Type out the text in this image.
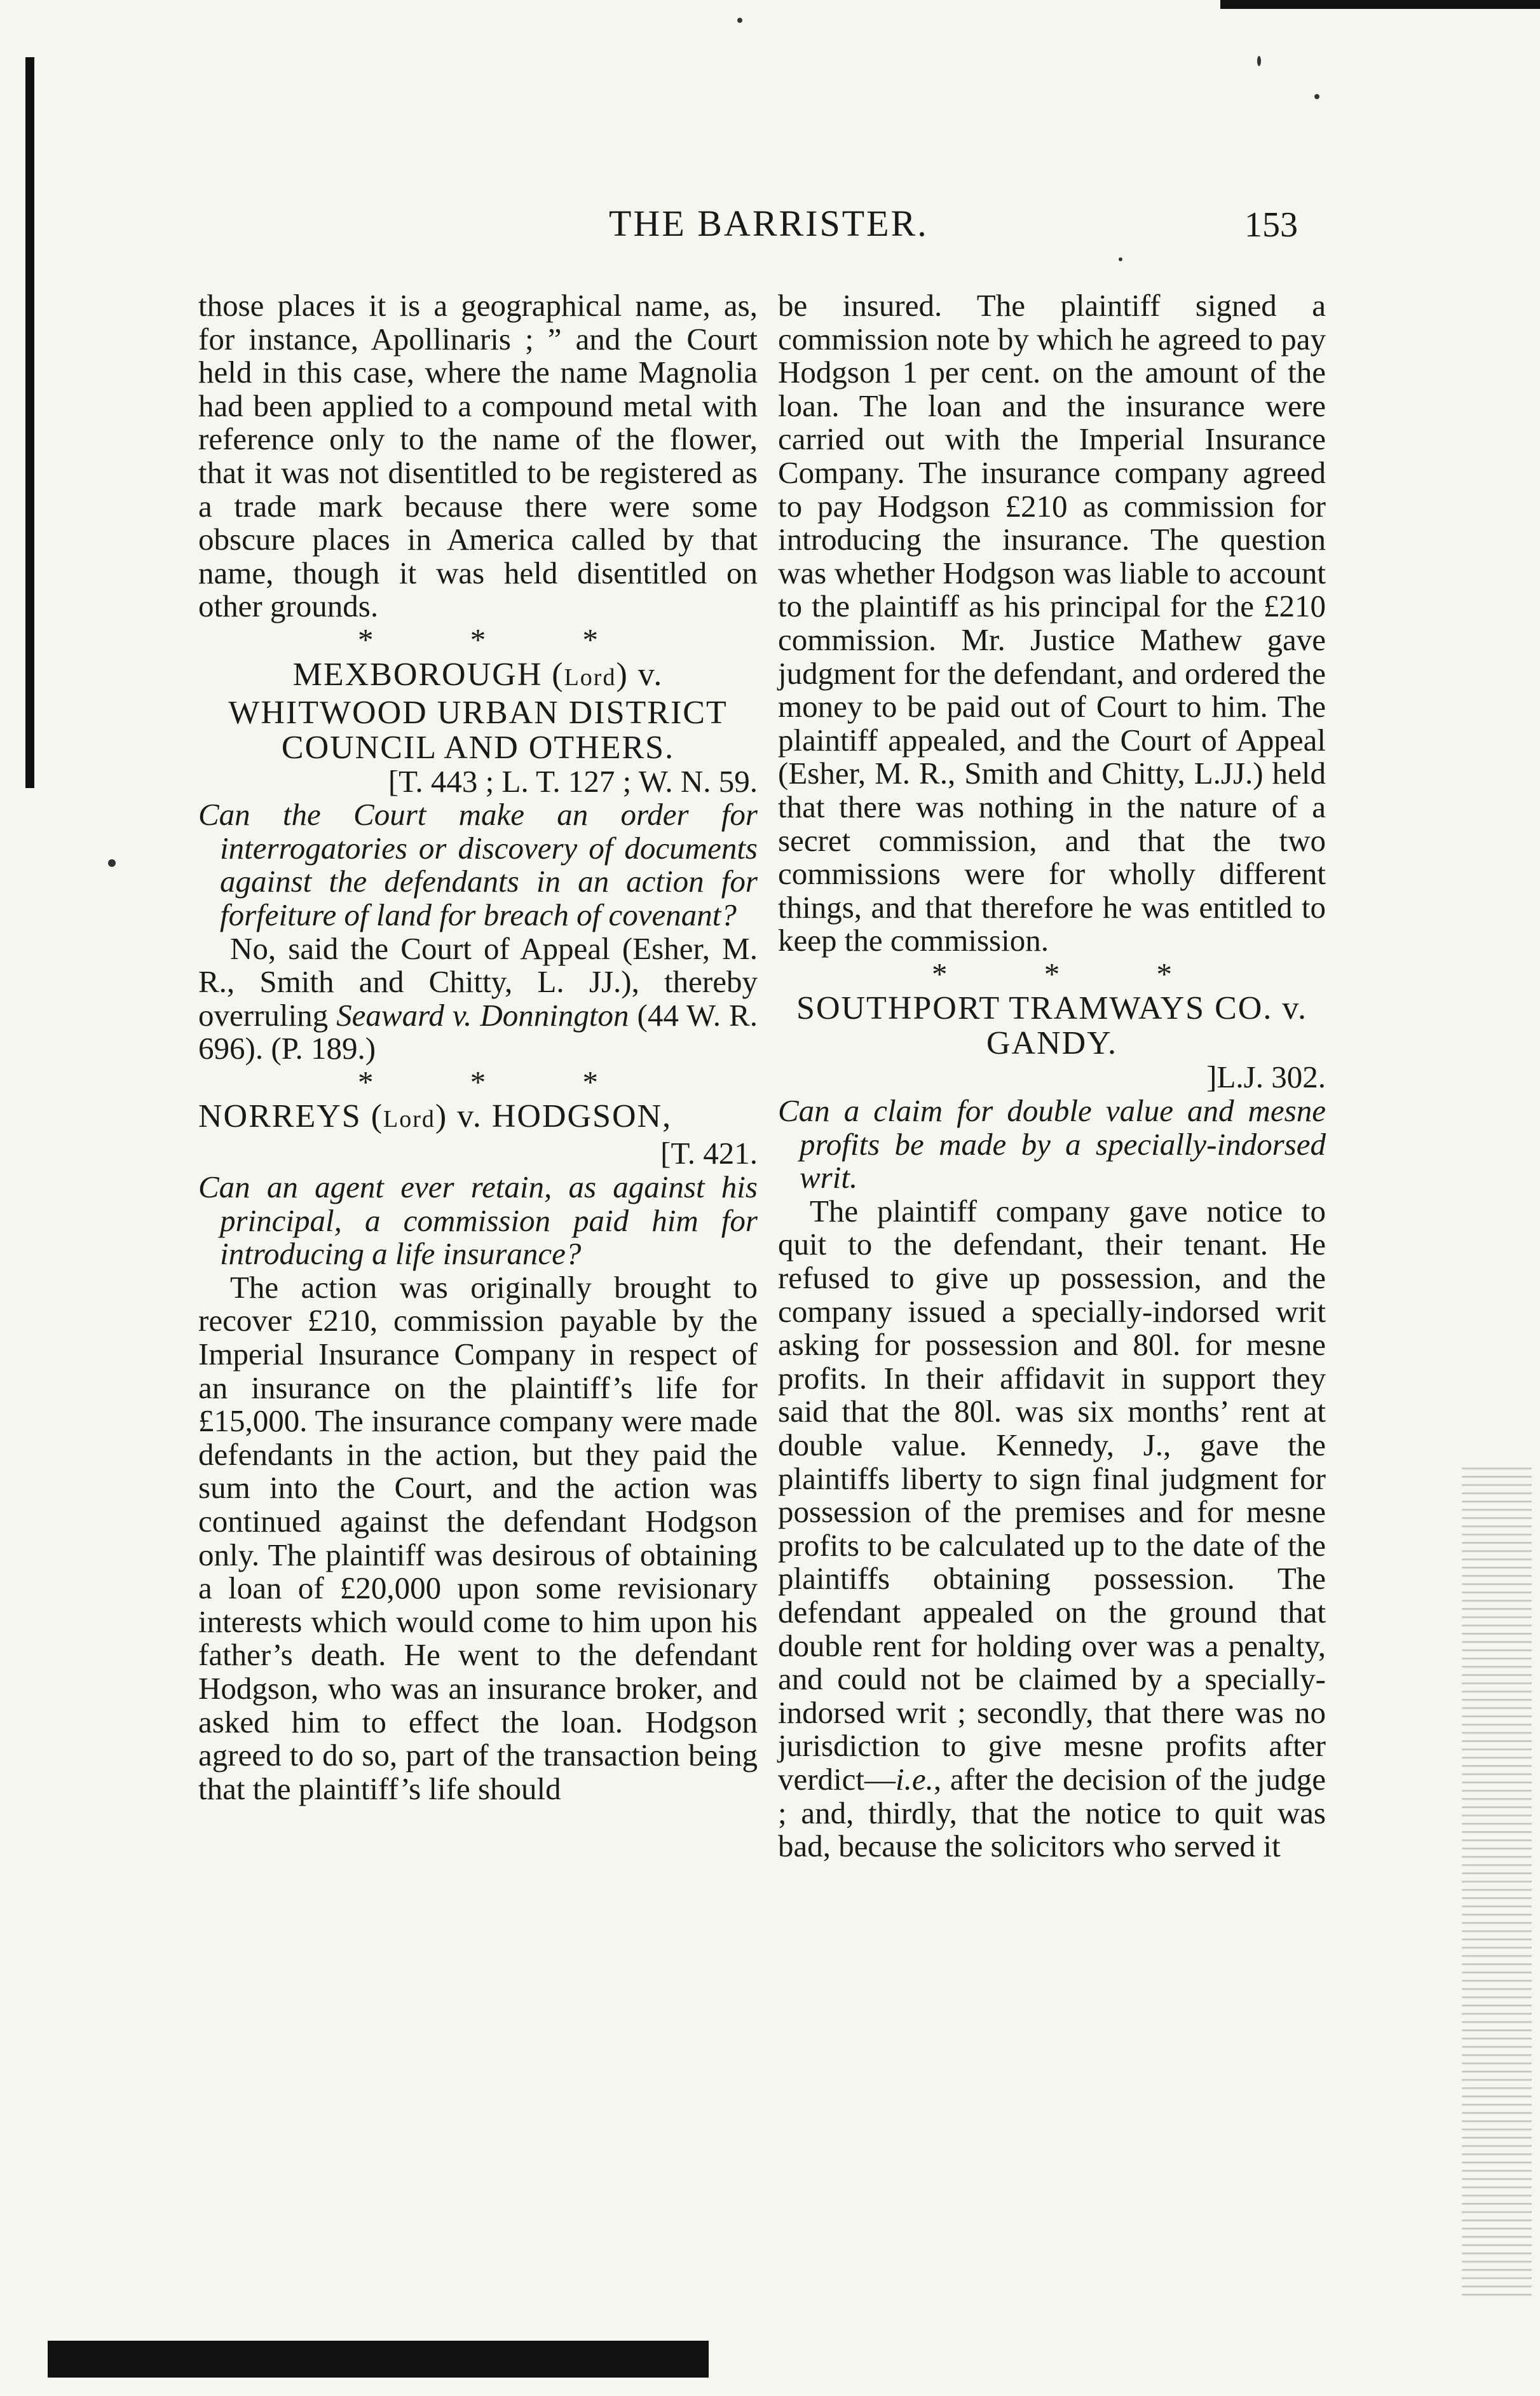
THE BARRISTER.	153

those places it is a geographical name, as, for instance, Apollinaris ; ” and the Court held in this case, where the name Magnolia had been applied to a compound metal with reference only to the name of the flower, that it was not disentitled to be registered as a trade mark because there were some obscure places in America called by that name, though it was held disentitled on other grounds.

* * *

MEXBOROUGH (Lord) v. WHITWOOD URBAN DISTRICT COUNCIL AND OTHERS.

[T. 443 ; L. T. 127 ; W. N. 59.

Can the Court make an order for interrogatories or discovery of documents against the defendants in an action for forfeiture of land for breach of covenant?

No, said the Court of Appeal (Esher, M. R., Smith and Chitty, L. JJ.), thereby overruling Seaward v. Donnington (44 W. R. 696). (P. 189.)

* * *

NORREYS (Lord) v. HODGSON,

[T. 421.

Can an agent ever retain, as against his principal, a commission paid him for introducing a life insurance?

The action was originally brought to recover £210, commission payable by the Imperial Insurance Company in respect of an insurance on the plaintiff’s life for £15,000. The insurance company were made defendants in the action, but they paid the sum into the Court, and the action was continued against the defendant Hodgson only. The plaintiff was desirous of obtaining a loan of £20,000 upon some revisionary interests which would come to him upon his father’s death. He went to the defendant Hodgson, who was an insurance broker, and asked him to effect the loan. Hodgson agreed to do so, part of the transaction being that the plaintiff’s life should

be insured. The plaintiff signed a commission note by which he agreed to pay Hodgson 1 per cent. on the amount of the loan. The loan and the insurance were carried out with the Imperial Insurance Company. The insurance company agreed to pay Hodgson £210 as commission for introducing the insurance. The question was whether Hodgson was liable to account to the plaintiff as his principal for the £210 commission. Mr. Justice Mathew gave judgment for the defendant, and ordered the money to be paid out of Court to him. The plaintiff appealed, and the Court of Appeal (Esher, M. R., Smith and Chitty, L.JJ.) held that there was nothing in the nature of a secret commission, and that the two commissions were for wholly different things, and that therefore he was entitled to keep the commission.

* * *

SOUTHPORT TRAMWAYS CO. v. GANDY.

]L.J. 302.

Can a claim for double value and mesne profits be made by a specially-indorsed writ.

The plaintiff company gave notice to quit to the defendant, their tenant. He refused to give up possession, and the company issued a specially-indorsed writ asking for possession and 80l. for mesne profits. In their affidavit in support they said that the 80l. was six months’ rent at double value. Kennedy, J., gave the plaintiffs liberty to sign final judgment for possession of the premises and for mesne profits to be calculated up to the date of the plaintiffs obtaining possession. The defendant appealed on the ground that double rent for holding over was a penalty, and could not be claimed by a specially-indorsed writ ; secondly, that there was no jurisdiction to give mesne profits after verdict—i.e., after the decision of the judge ; and, thirdly, that the notice to quit was bad, because the solicitors who served it
